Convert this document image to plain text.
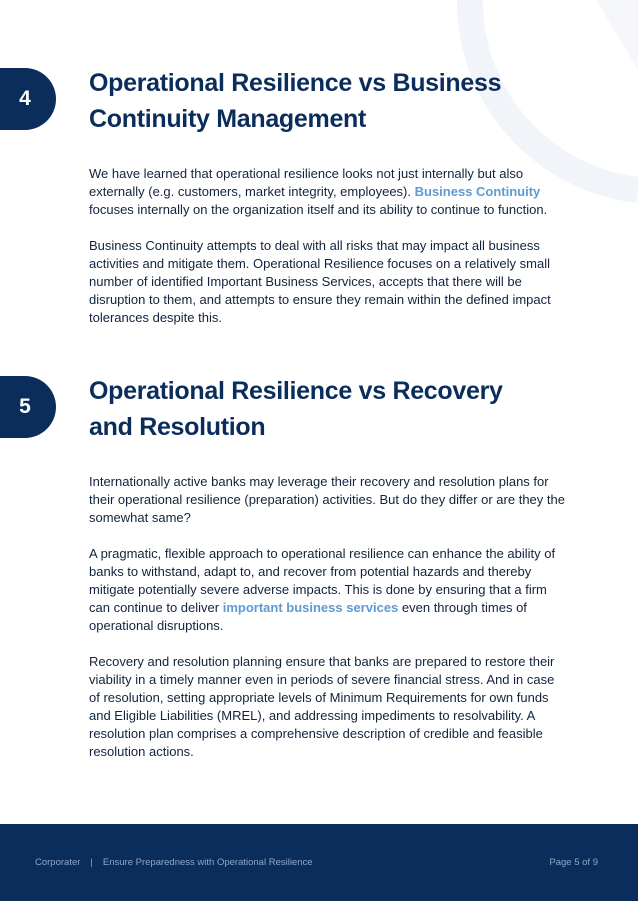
4
Operational Resilience vs Business Continuity Management

We have learned that operational resilience looks not just internally but also externally (e.g. customers, market integrity, employees). Business Continuity focuses internally on the organization itself and its ability to continue to function.

Business Continuity attempts to deal with all risks that may impact all business activities and mitigate them. Operational Resilience focuses on a relatively small number of identified Important Business Services, accepts that there will be disruption to them, and attempts to ensure they remain within the defined impact tolerances despite this.

5
Operational Resilience vs Recovery and Resolution

Internationally active banks may leverage their recovery and resolution plans for their operational resilience (preparation) activities. But do they differ or are they the somewhat same?

A pragmatic, flexible approach to operational resilience can enhance the ability of banks to withstand, adapt to, and recover from potential hazards and thereby mitigate potentially severe adverse impacts. This is done by ensuring that a firm can continue to deliver important business services even through times of operational disruptions.

Recovery and resolution planning ensure that banks are prepared to restore their viability in a timely manner even in periods of severe financial stress. And in case of resolution, setting appropriate levels of Minimum Requirements for own funds and Eligible Liabilities (MREL), and addressing impediments to resolvability. A resolution plan comprises a comprehensive description of credible and feasible resolution actions.

Corporater | Ensure Preparedness with Operational Resilience	Page 5 of 9
